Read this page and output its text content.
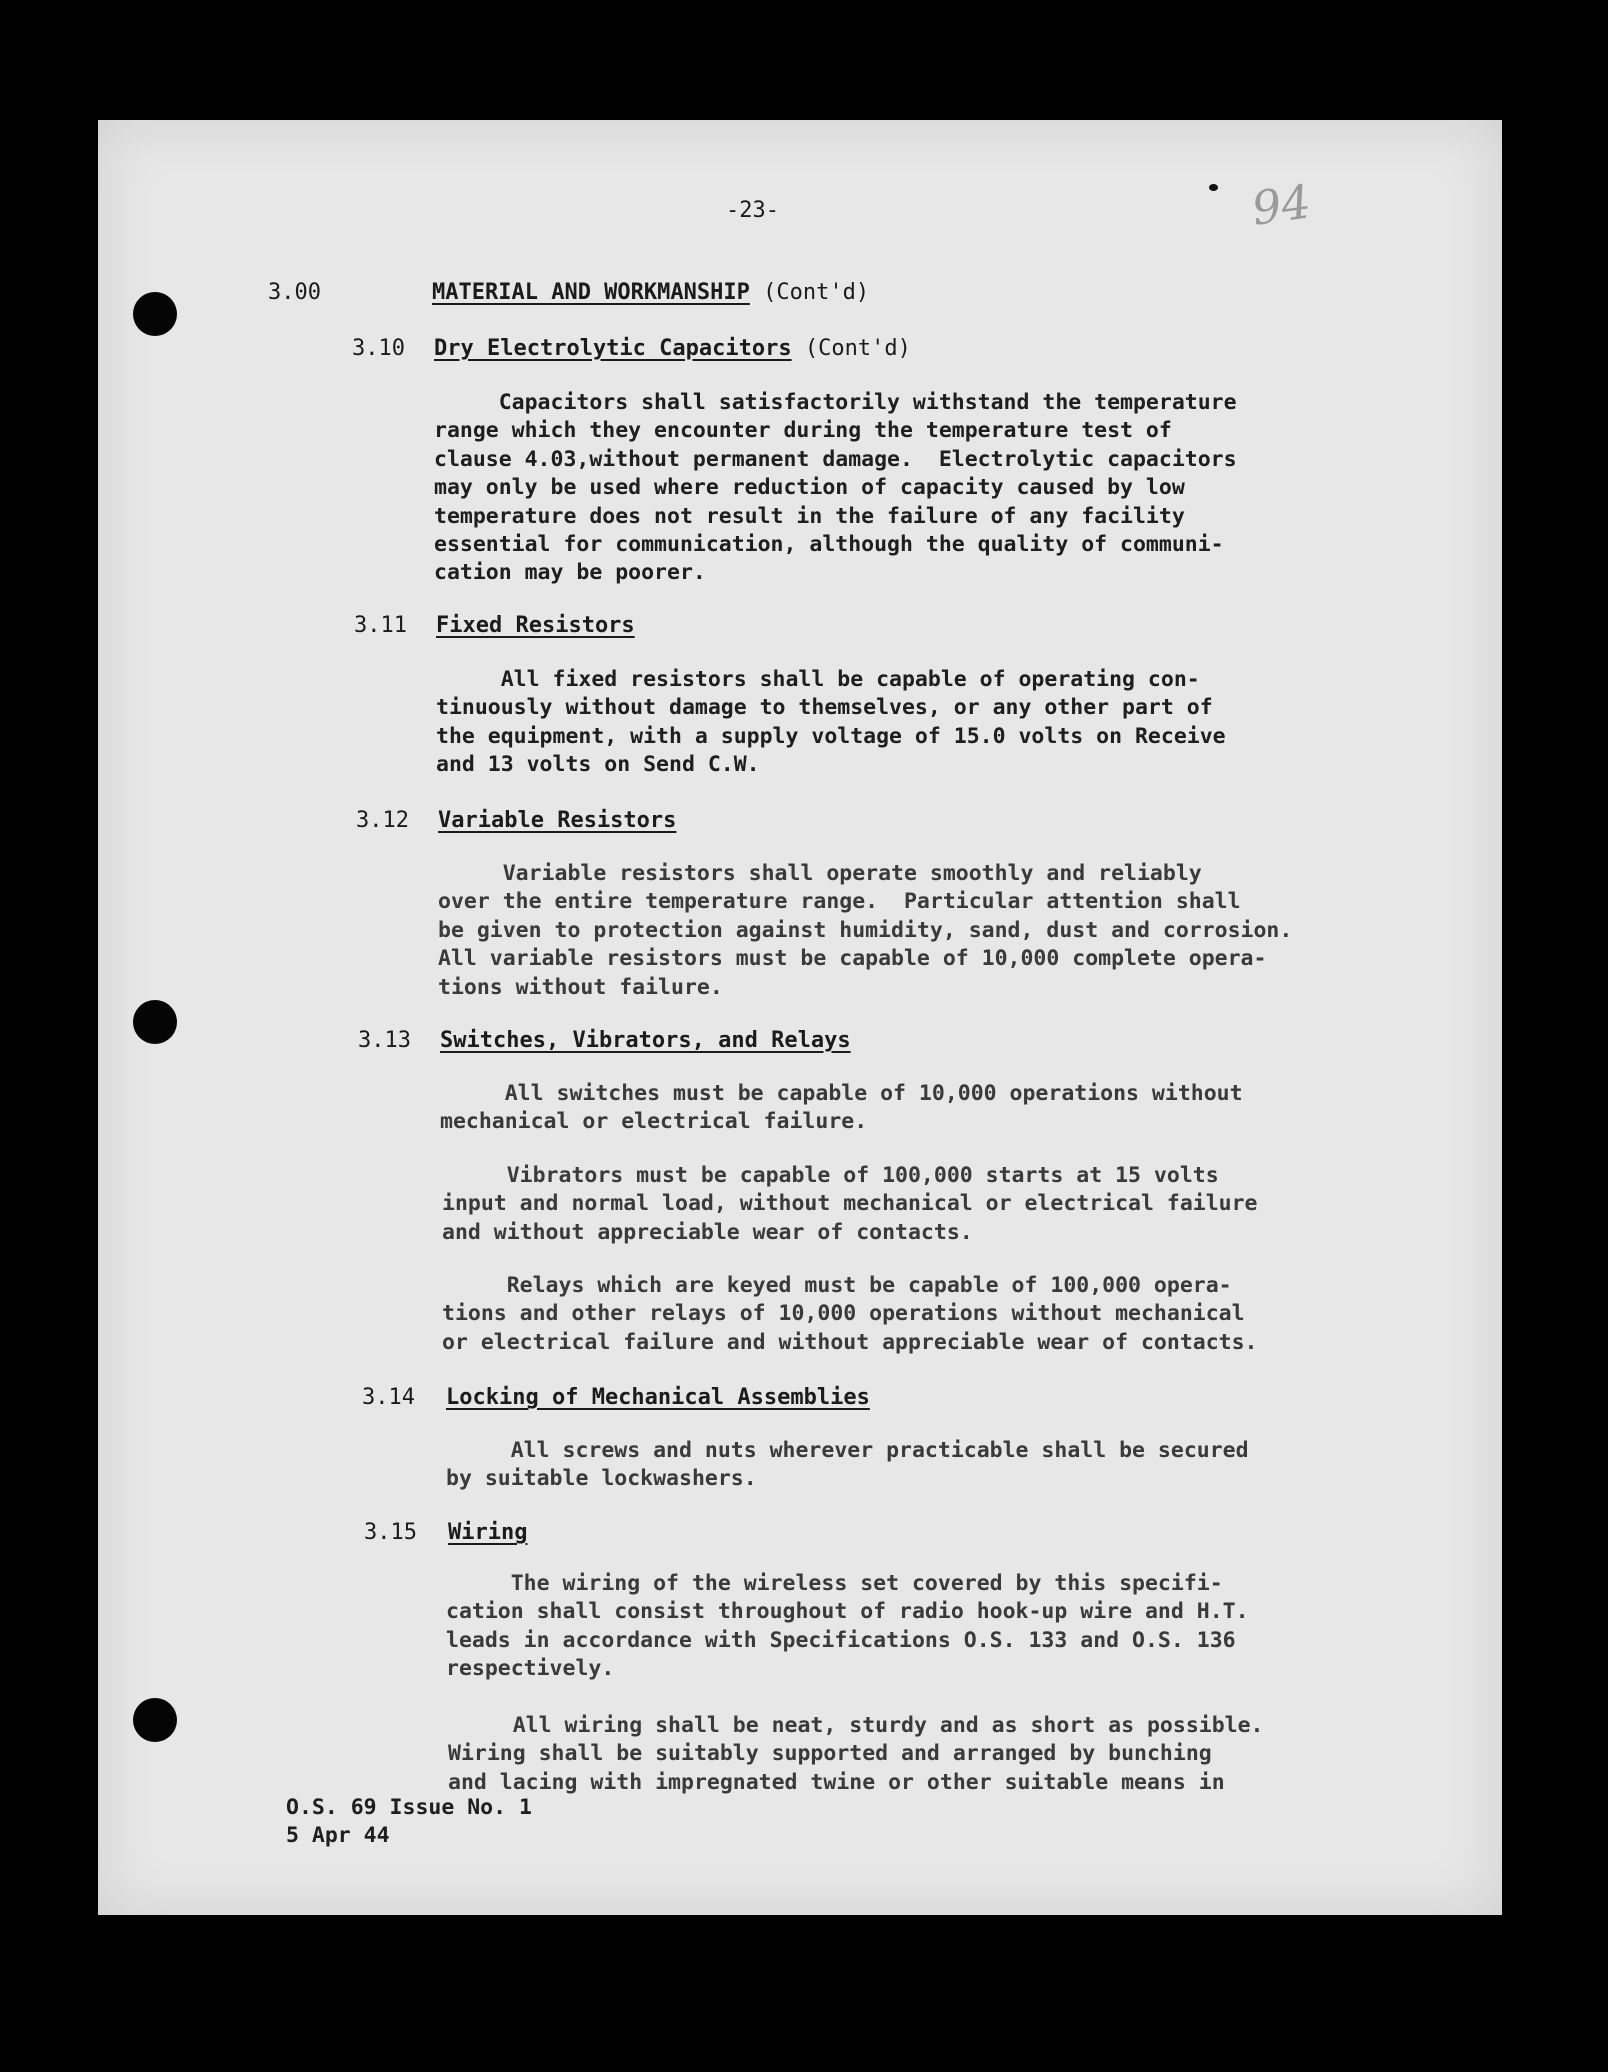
-23-	94
3.00	MATERIAL AND WORKMANSHIP (Cont'd)
3.10 Dry Electrolytic Capacitors (Cont'd)

Capacitors shall satisfactorily withstand the temperature

range which they encounter during the temperature test of

clause 4.03,without permanent damage.  Electrolytic capacitors

may only be used where reduction of capacity caused by low

temperature does not result in the failure of any facility

essential for communication, although the quality of communi-

cation may be poorer.

3.11 Fixed Resistors

All fixed resistors shall be capable of operating con-

tinuously without damage to themselves, or any other part of

the equipment, with a supply voltage of 15.0 volts on Receive

and 13 volts on Send C.W.

3.12 Variable Resistors

Variable resistors shall operate smoothly and reliably

over the entire temperature range.  Particular attention shall

be given to protection against humidity, sand, dust and corrosion.

All variable resistors must be capable of 10,000 complete opera-

tions without failure.

3.13 Switches, Vibrators, and Relays

All switches must be capable of 10,000 operations without

mechanical or electrical failure.

Vibrators must be capable of 100,000 starts at 15 volts

input and normal load, without mechanical or electrical failure

and without appreciable wear of contacts.

Relays which are keyed must be capable of 100,000 opera-

tions and other relays of 10,000 operations without mechanical

or electrical failure and without appreciable wear of contacts.

3.14 Locking of Mechanical Assemblies

All screws and nuts wherever practicable shall be secured

by suitable lockwashers.

3.15 Wiring

The wiring of the wireless set covered by this specifi-

cation shall consist throughout of radio hook-up wire and H.T.

leads in accordance with Specifications O.S. 133 and O.S. 136

respectively.

All wiring shall be neat, sturdy and as short as possible.

Wiring shall be suitably supported and arranged by bunching

and lacing with impregnated twine or other suitable means in

O.S. 69 Issue No. 1

5 Apr 44
